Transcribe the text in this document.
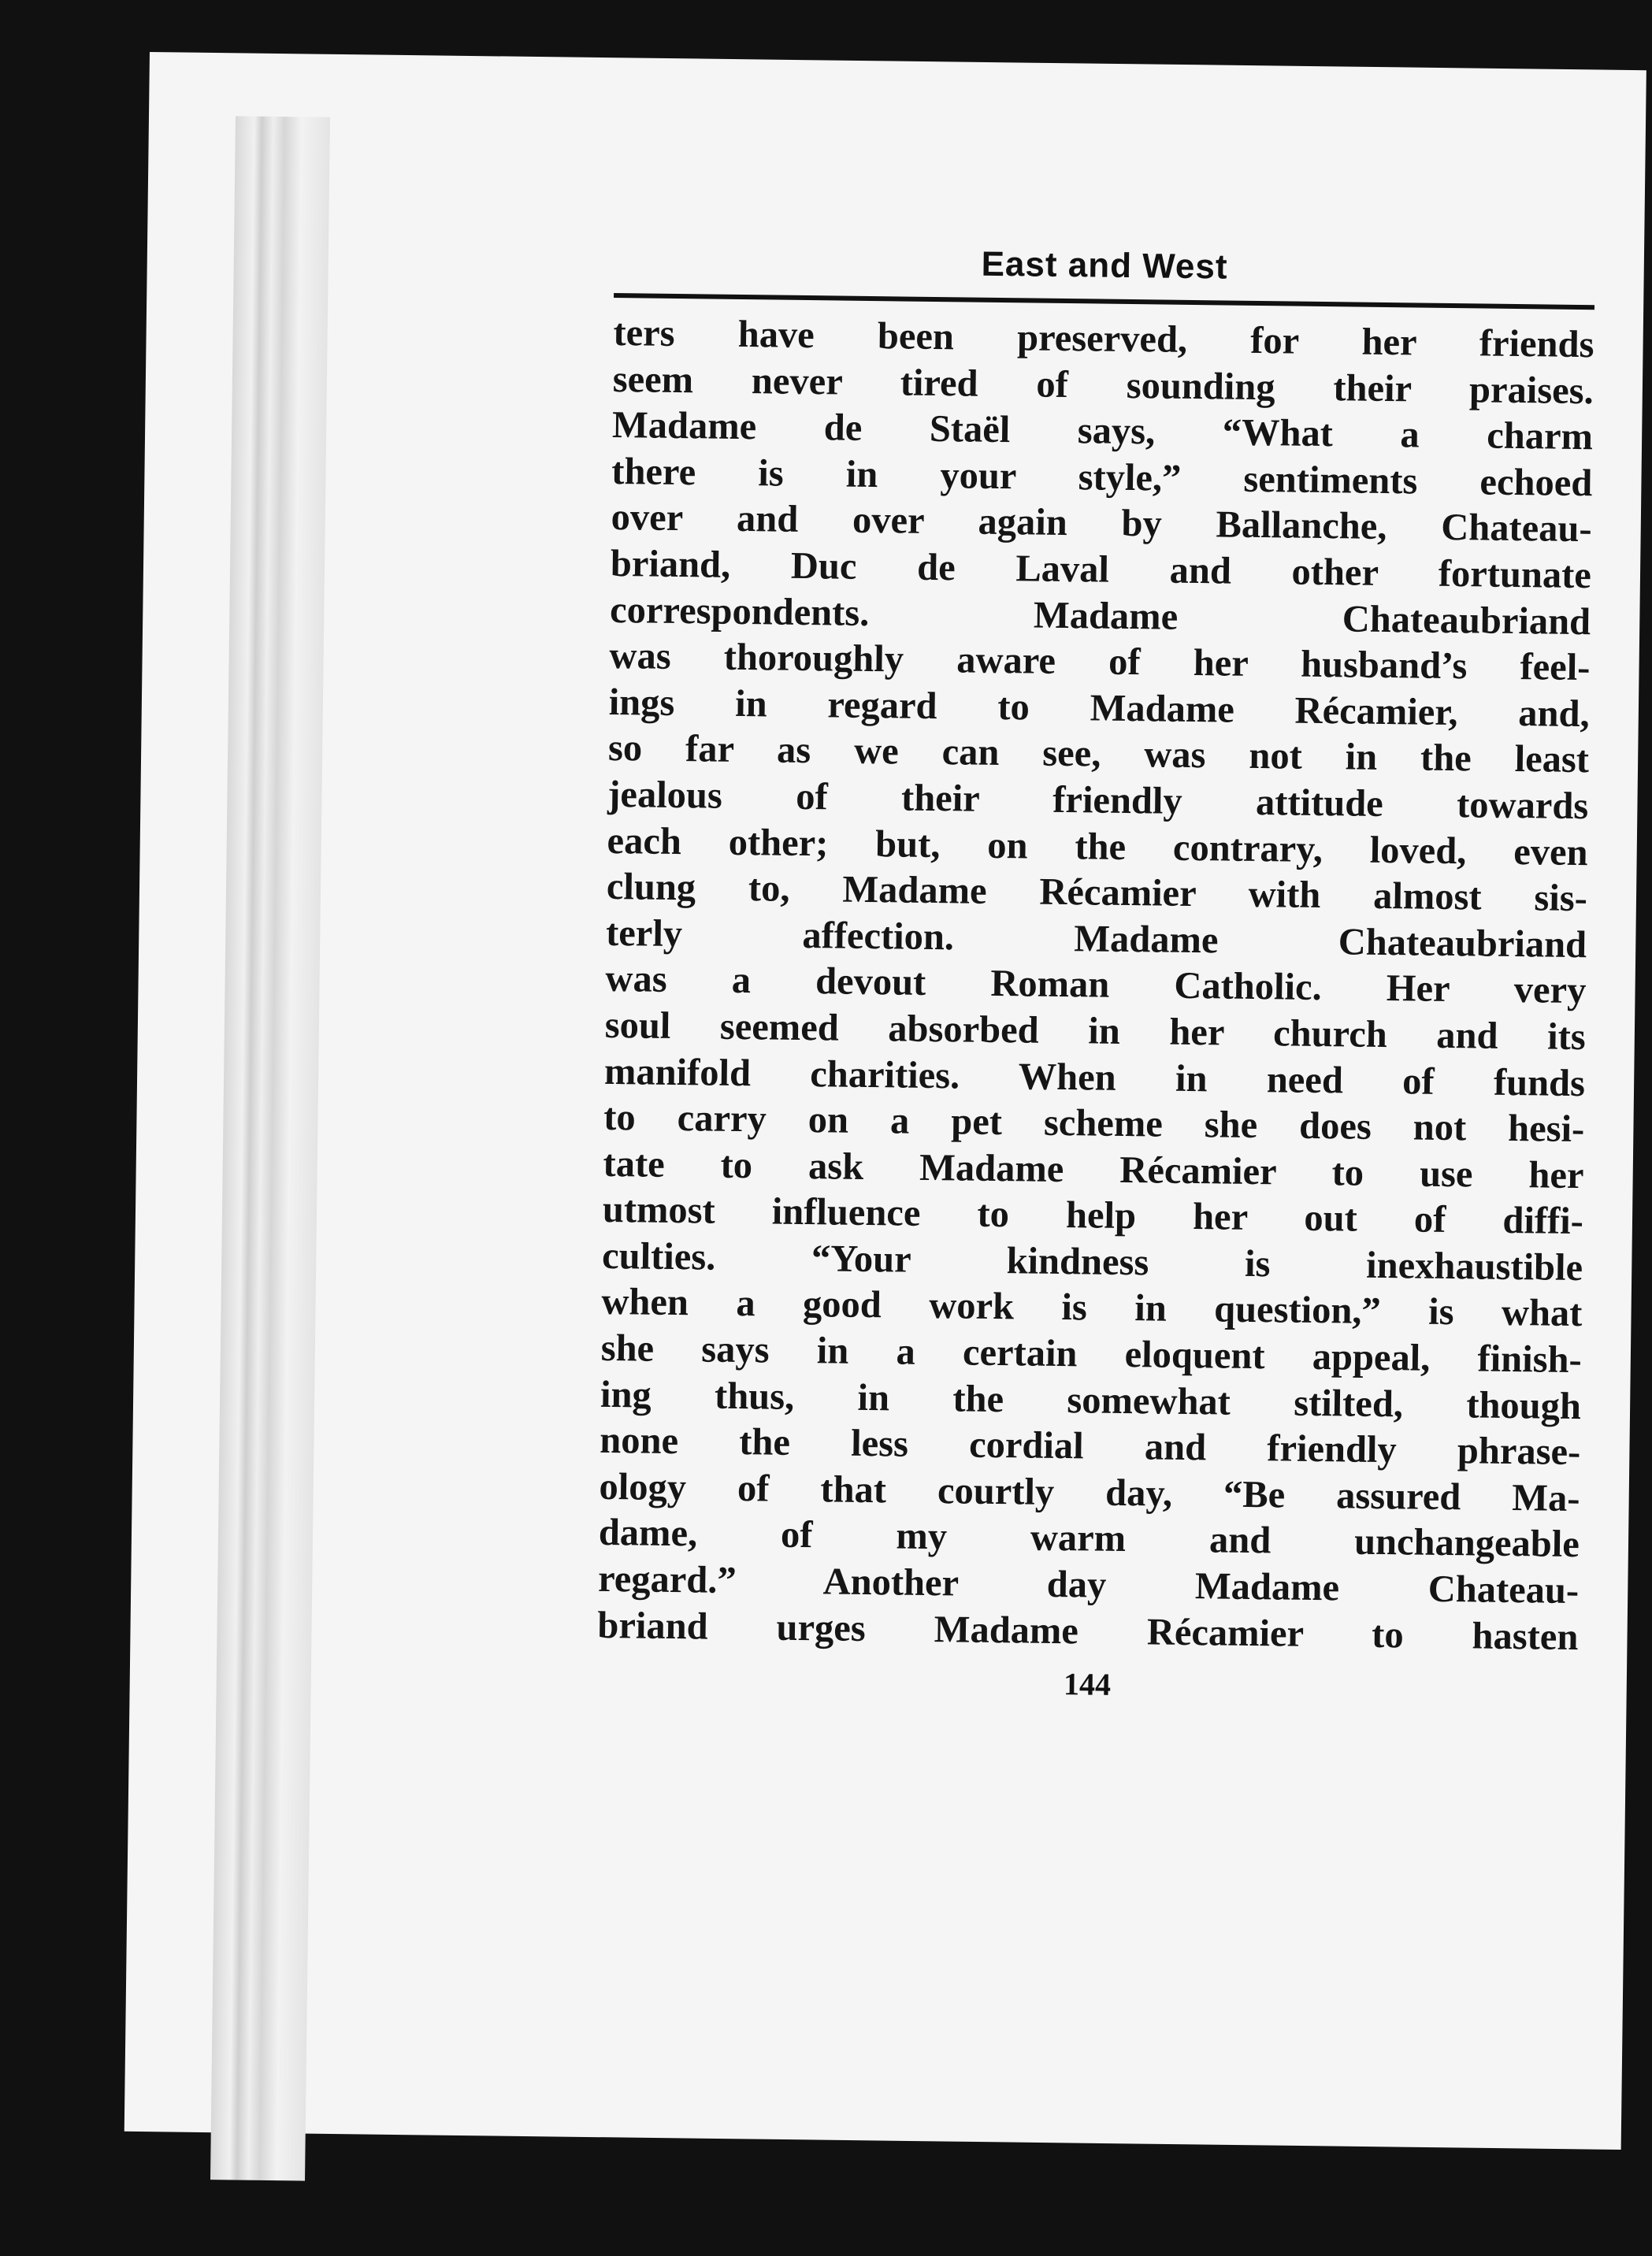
East and West
ters have been preserved, for her friends
seem never tired of sounding their praises.
Madame de Staël says, “What a charm
there is in your style,” sentiments echoed
over and over again by Ballanche, Chateau-
briand, Duc de Laval and other fortunate
correspondents. Madame Chateaubriand
was thoroughly aware of her husband’s feel-
ings in regard to Madame Récamier, and,
so far as we can see, was not in the least
jealous of their friendly attitude towards
each other; but, on the contrary, loved, even
clung to, Madame Récamier with almost sis-
terly affection. Madame Chateaubriand
was a devout Roman Catholic. Her very
soul seemed absorbed in her church and its
manifold charities. When in need of funds
to carry on a pet scheme she does not hesi-
tate to ask Madame Récamier to use her
utmost influence to help her out of diffi-
culties. “Your kindness is inexhaustible
when a good work is in question,” is what
she says in a certain eloquent appeal, finish-
ing thus, in the somewhat stilted, though
none the less cordial and friendly phrase-
ology of that courtly day, “Be assured Ma-
dame, of my warm and unchangeable
regard.” Another day Madame Chateau-
briand urges Madame Récamier to hasten
144
